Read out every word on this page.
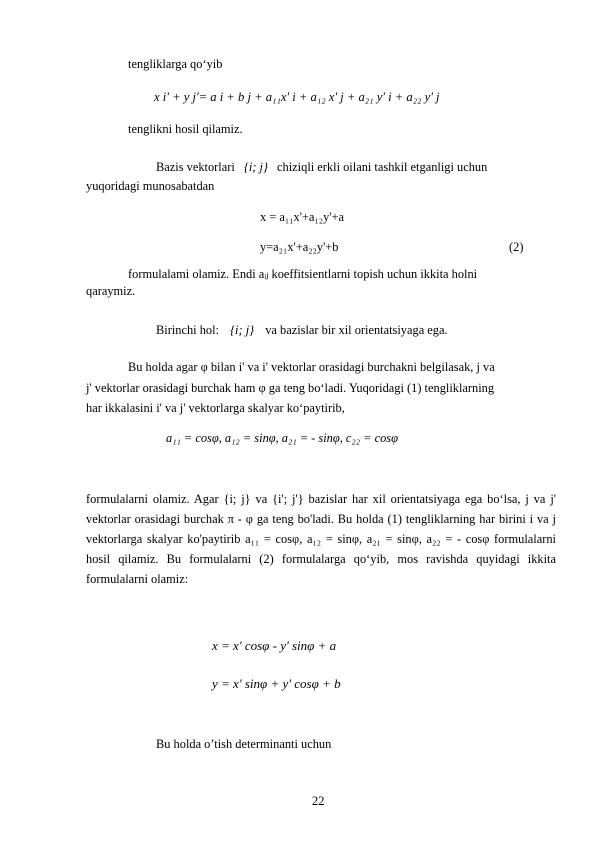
tengliklarga qo‘yib
x i' + y j'= a i + b j + a₁₁x' i + a₁₂ x' j + a₂₁ y' i + a₂₂ y' j
tenglikni hosil qilamiz.
Bazis vektorlari {i; j} chiziqli erkli oilani tashkil etganligi uchun
yuqoridagi munosabatdan
x = a₁₁x'+a₁₂y'+a
y=a₂₁x'+a₂₂y'+b	(2)
formulalami olamiz. Endi aᵢⱼ koeffitsientlarni topish uchun ikkita holni
qaraymiz.
Birinchi hol: {i; j} va bazislar bir xil orientatsiyaga ega.
Bu holda agar φ bilan i' va i' vektorlar orasidagi burchakni belgilasak, j va
j' vektorlar orasidagi burchak ham φ ga teng bo‘ladi. Yuqoridagi (1) tengliklarning
har ikkalasini i' va j' vektorlarga skalyar ko‘paytirib,
a₁₁ = cosφ, a₁₂ = sinφ, a₂₁ = - sinφ, c₂₂ = cosφ
formulalarni olamiz. Agar {i; j} va {i'; j'} bazislar har xil orientatsiyaga ega bo‘lsa, j va j' vektorlar orasidagi burchak π - φ ga teng bo'ladi. Bu holda (1) tengliklarning har birini i va j vektorlarga skalyar ko'paytirib a₁₁ = cosφ, a₁₂ = sinφ, a₂₁ = sinφ, a₂₂ = - cosφ formulalarni hosil qilamiz. Bu formulalarni (2) formulalarga qo‘yib, mos ravishda quyidagi ikkita formulalarni olamiz:
x = x' cosφ - y' sinφ + a
y = x' sinφ + y' cosφ + b
Bu holda o’tish determinanti uchun
22
